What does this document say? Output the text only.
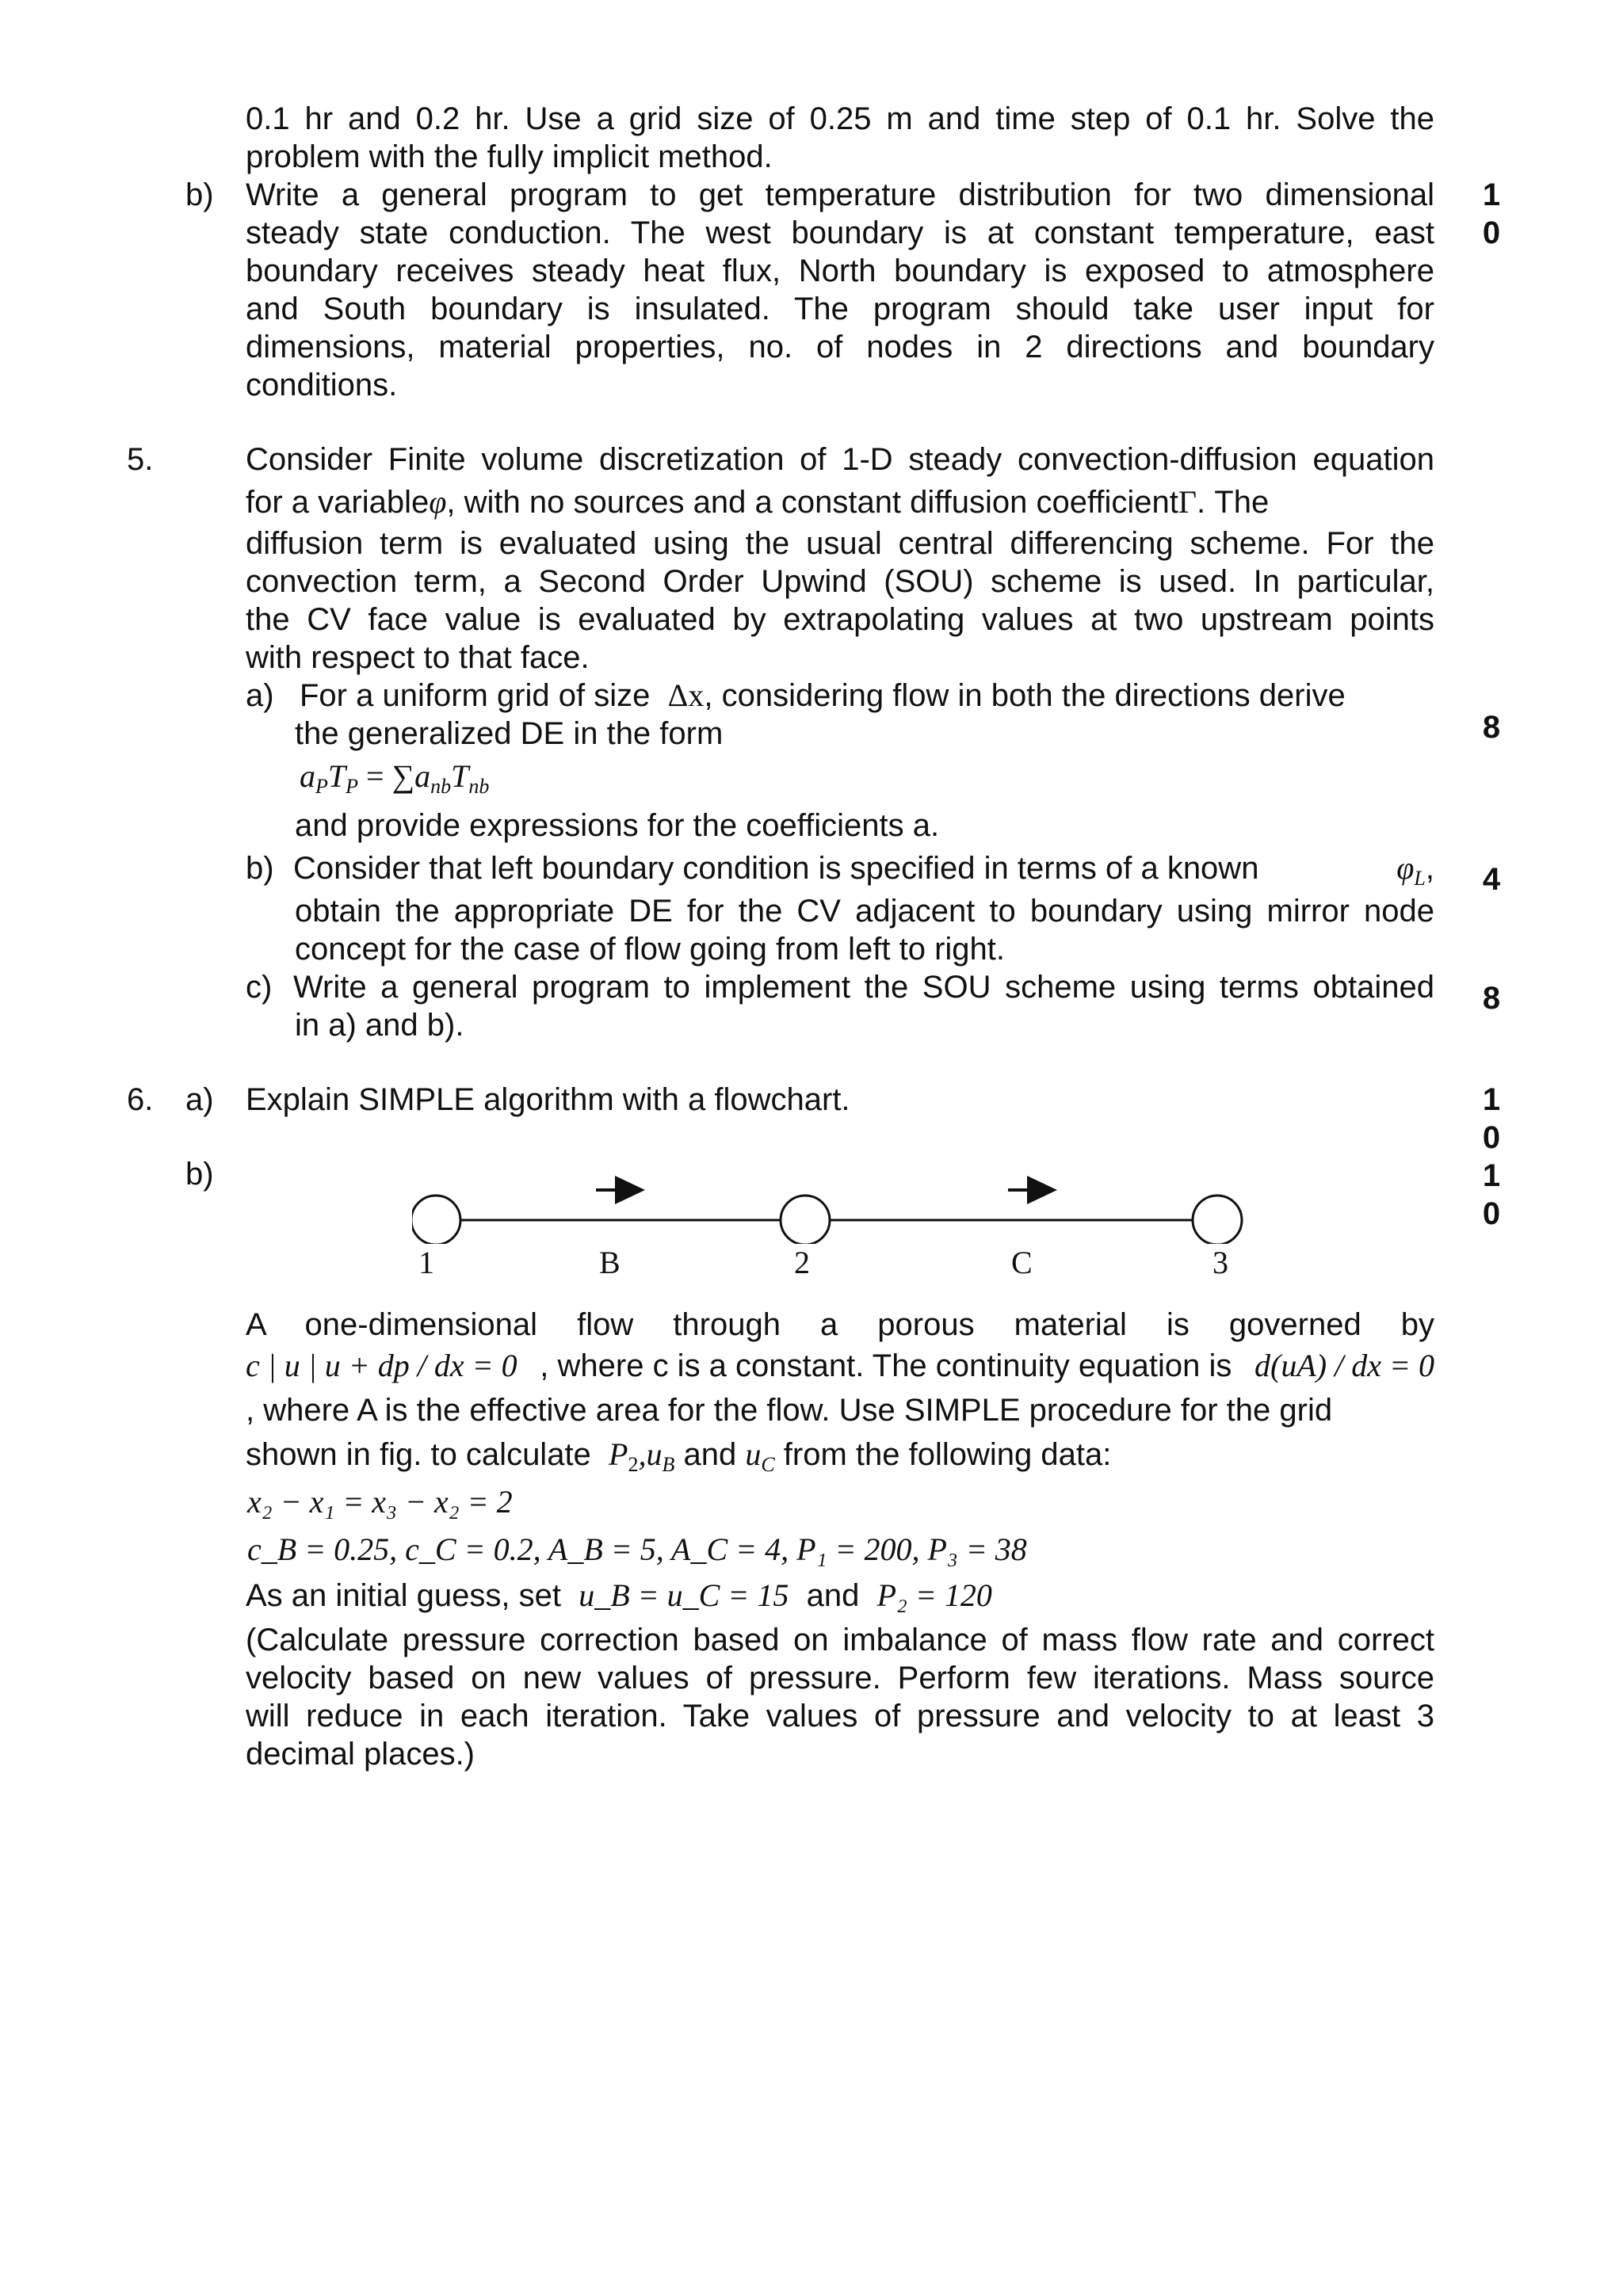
0.1 hr and 0.2 hr. Use a grid size of 0.25 m and time step of 0.1 hr. Solve the
problem with the fully implicit method.
b) Write a general program to get temperature distribution for two dimensional
steady state conduction. The west boundary is at constant temperature, east
boundary receives steady heat flux, North boundary is exposed to atmosphere
and South boundary is insulated. The program should take user input for
dimensions, material properties, no. of nodes in 2 directions and boundary
conditions.
1
0
5.	Consider Finite volume discretization of 1-D steady convection-diffusion equation
for a variableφ, with no sources and a constant diffusion coefficientΓ. The
diffusion term is evaluated using the usual central differencing scheme. For the
convection term, a Second Order Upwind (SOU) scheme is used. In particular,
the CV face value is evaluated by extrapolating values at two upstream points
with respect to that face.
a) For a uniform grid of size Δx, considering flow in both the directions derive
the generalized DE in the form
$a_PT_P = \sum a_{nb}T_{nb}$
and provide expressions for the coefficients a.
8
b) Consider that left boundary condition is specified in terms of a known	$\varphi_L$,
obtain the appropriate DE for the CV adjacent to boundary using mirror node
concept for the case of flow going from left to right.
4
c) Write a general program to implement the SOU scheme using terms obtained
in a) and b).
8
6. a) Explain SIMPLE algorithm with a flowchart.	1
0
b)	1
0
1	B	2	C	3
A one-dimensional flow through a porous material is governed by
c | u | u + dp / dx = 0 , where c is a constant. The continuity equation is d(uA) / dx = 0
, where A is the effective area for the flow. Use SIMPLE procedure for the grid
shown in fig. to calculate $P_2,u_B$ and $u_C$ from the following data:
x₂ − x₁ = x₃ − x₂ = 2
c_B = 0.25, c_C = 0.2, A_B = 5, A_C = 4, P₁ = 200, P₃ = 38
As an initial guess, set u_B = u_C = 15 and P₂ = 120
(Calculate pressure correction based on imbalance of mass flow rate and correct
velocity based on new values of pressure. Perform few iterations. Mass source
will reduce in each iteration. Take values of pressure and velocity to at least 3
decimal places.)
